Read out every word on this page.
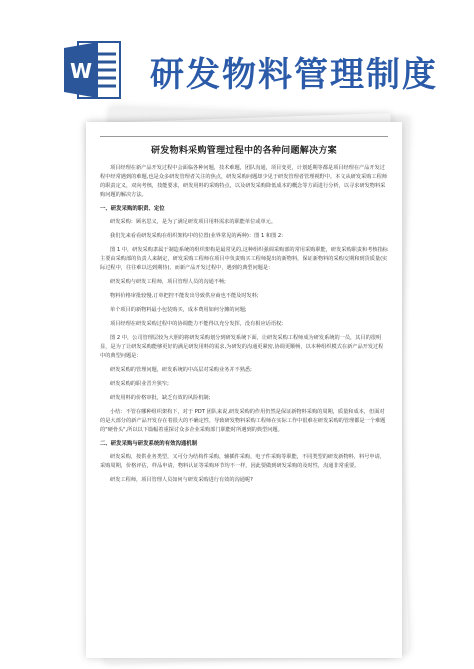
W 研发物料管理制度
研发物料采购管理过程中的各种问题解决方案
项目经理在新产品开发过程中会面临各种问题，技术难题，团队沟通，项目变更，计划延期等都是项目经理在产品开发过程中经常遇到的难题,也是众多研发管理者关注的焦点，研发采购问题却少见于研发管理者管理视野中。本文从研发采购工程师的职责定义，双向考核，技能要求，研发用料的采购特点，以及研发采购降低成本的概念等方面进行分析，以寻求研发物料采购问题的解决方法。
一、研发采购的职责、定位
研发采购：顾名思义，是为了满足研发项目用料需求的职能单位或单元。
我们先来看看研发采购在组织架构中的位置(业界常见的两种)：图 1 和图 2:
图 1 中，研发采购隶属于制造系统的组织架构是最常见的,这种组织强调采购部的常用采购职能，研发采购职责和考核指标主要由采购部的负责人来制定，研发采购工程师在项目中负责购买工程师提出的新物料，保证新物料的采购交期和到货质量(实际过程中，往往难以达到期待)，而新产品开发过程中，遇到的典型问题是：
研发采购与研发工程师，项目管理人员的沟通不畅;
物料价格审批较慢,订单把控不能发出导致供应商也不能及时发料;
单个项目的新物料最小包装购买，成本费用如何分摊的问题;
项目经理在研发采购过程中的协调能力不能得以充分发挥，没有相应话语权;
图 2 中，公司管理层较为大胆的将研发采购划分到研发系统下面，让研发采购工程师成为研发系统的一员，其目的很明显，是为了让研发采购能够更好的满足研发用料的需求,为研发的沟通更紧密,协调更顺畅，以本种组织模式在新产品开发过程中的典型问题是：
研发采购的管理问题，研发系统的中高层对采购业务并不熟悉;
研发采购的职业晋升狭窄;
研发用料的价格审批，缺乏有效的风险机制;
小结：不管在哪种组织架构下，对于 PDT 团队来说,研发采购的作用仍然是保证新物料采购的周期，质量和成本，但面对的是大部分的新产品开发存在着很大的不确定性，导致研发物料采购工程师在实际工作中很难在研发采购的管理都是一个难题的"硬骨头",所以以下篇幅着重探讨众多企业采购部门职能时所遇到的典型问题。
二、研发采购与研发系统的有效沟通机制
研发采购，按供业务类型，又可分为结构件采购，辅插件采购，电子件采购等职能，不同类型的研发新物料，料号申请，采购周期，价格评估，样品申请，物料认证等采购环节均不一样，因此要做到研发采购的及时性，沟通非常重要。
研发工程师，项目管理人员如何与研发采购进行有效的沟通呢?
